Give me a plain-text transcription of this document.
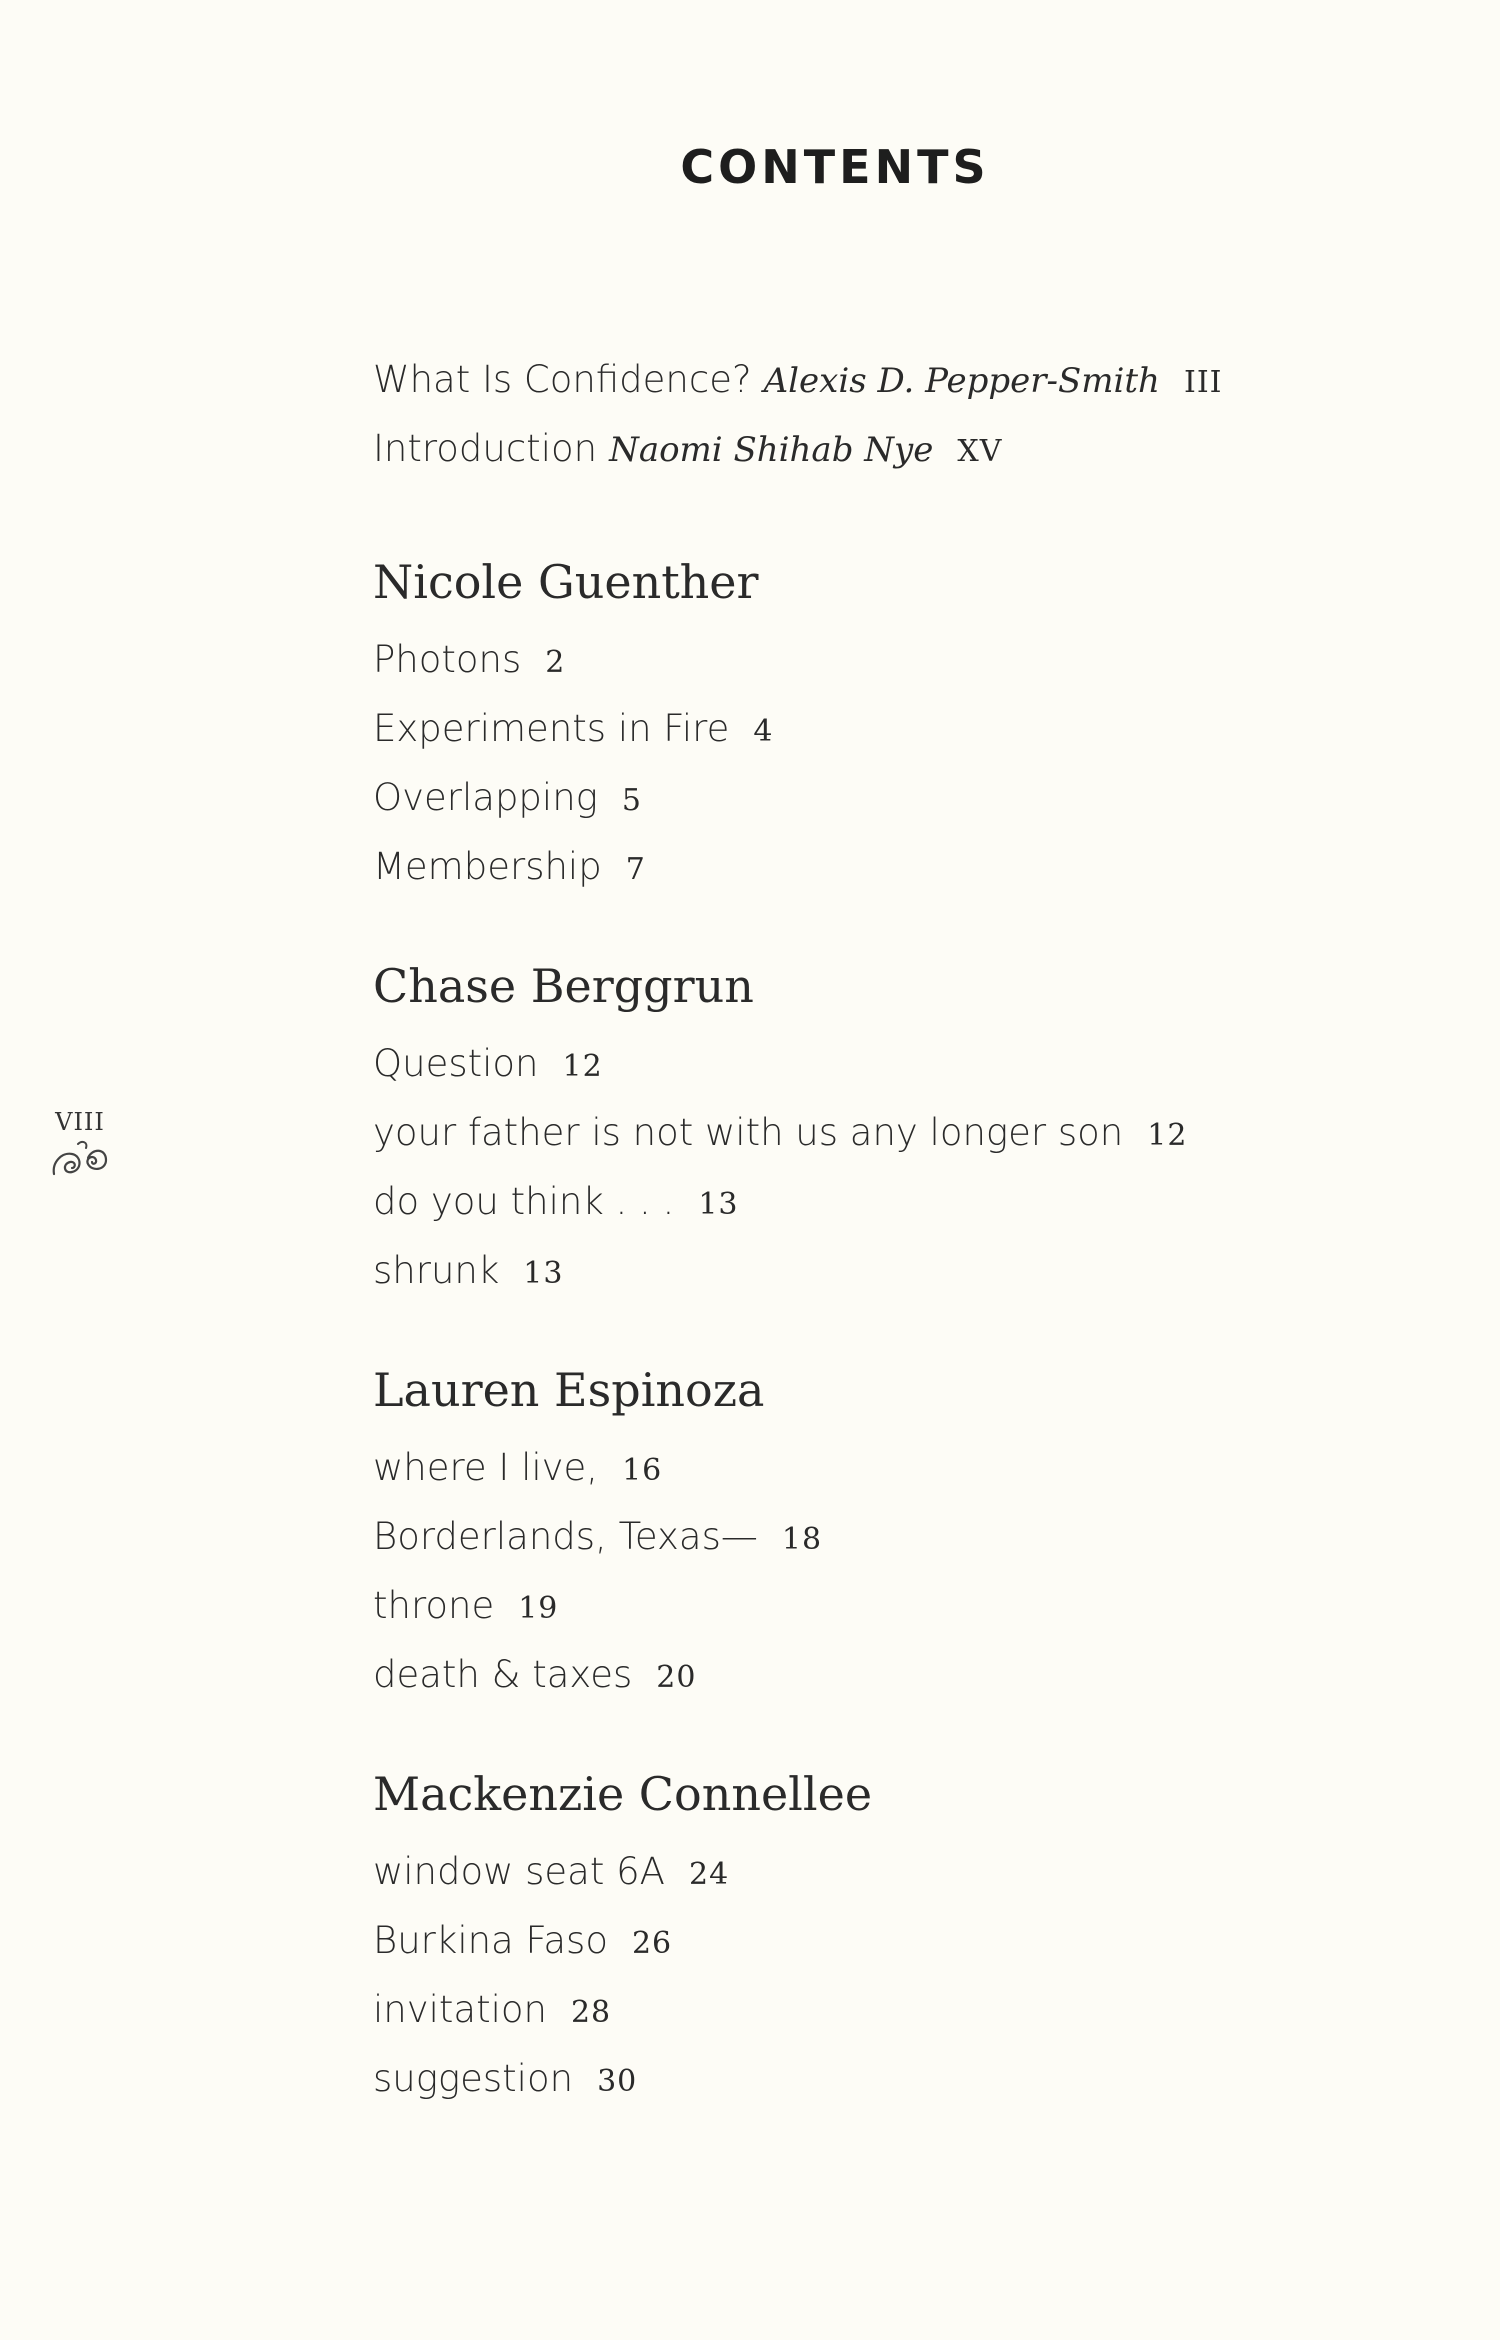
CONTENTS
What Is Confidence? Alexis D. Pepper-Smith III
Introduction Naomi Shihab Nye XV
Nicole Guenther
Photons 2
Experiments in Fire 4
Overlapping 5
Membership 7
Chase Berggrun
Question 12
your father is not with us any longer son 12
do you think . . . 13
shrunk 13
Lauren Espinoza
where I live, 16
Borderlands, Texas— 18
throne 19
death & taxes 20
Mackenzie Connellee
window seat 6A 24
Burkina Faso 26
invitation 28
suggestion 30
VIII
